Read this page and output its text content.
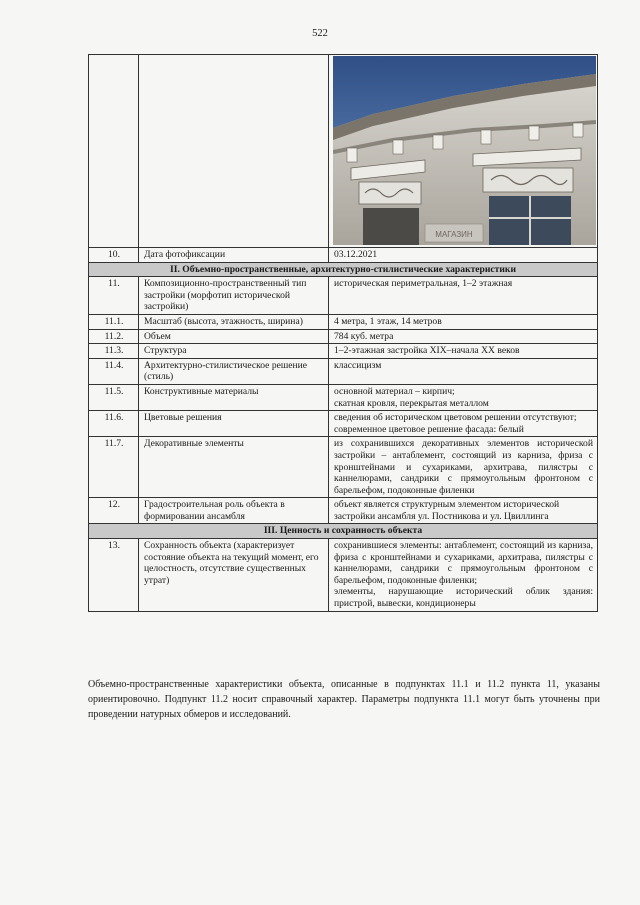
522

МАГАЗИН

10.	Дата фотофиксации	03.12.2021
II. Объемно-пространственные, архитектурно-стилистические характеристики		
11.	Композиционно-пространственный тип застройки (морфотип исторической застройки)	историческая периметральная, 1–2 этажная
11.1.	Масштаб (высота, этажность, ширина)	4 метра, 1 этаж, 14 метров
11.2.	Объем	784 куб. метра
11.3.	Структура	1–2-этажная застройка XIX–начала XX веков
11.4.	Архитектурно-стилистическое решение (стиль)	классицизм
11.5.	Конструктивные материалы	основной материал – кирпич;
скатная кровля, перекрытая металлом

11.6.	Цветовые решения	сведения об историческом цветовом решении отсутствуют;
современное цветовое решение фасада: белый

11.7.	Декоративные элементы	из сохранившихся декоративных элементов исторической застройки – антаблемент, состоящий из карниза, фриза с кронштейнами и сухариками, архитрава, пилястры с каннелюрами, сандрики с прямоугольным фронтоном с барельефом, подоконные филенки
12.	Градостроительная роль объекта в формировании ансамбля	объект является структурным элементом исторической застройки ансамбля ул. Постникова и ул. Цвиллинга
III. Ценность и сохранность объекта		
13.	Сохранность объекта (характеризует состояние объекта на текущий момент, его целостность, отсутствие существенных утрат)	сохранившиеся элементы: антаблемент, состоящий из карниза, фриза с кронштейнами и сухариками, архитрава, пилястры с каннелюрами, сандрики с прямоугольным фронтоном с барельефом, подоконные филенки;
элементы, нарушающие исторический облик здания: пристрой, вывески, кондиционеры
Объемно-пространственные характеристики объекта, описанные в подпунктах 11.1 и 11.2 пункта 11, указаны ориентировочно. Подпункт 11.2 носит справочный характер. Параметры подпункта 11.1 могут быть уточнены при проведении натурных обмеров и исследований.
